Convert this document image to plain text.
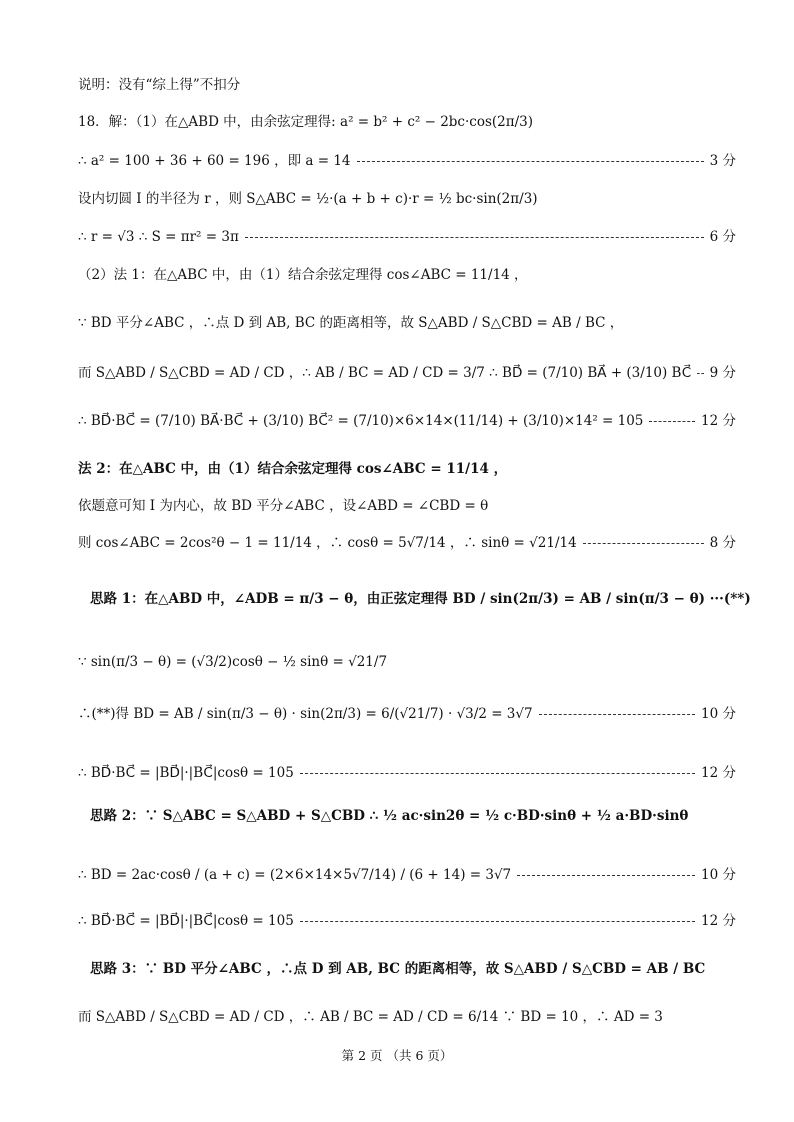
说明：没有“综上得”不扣分
18．解：（1）在△ABD 中，由余弦定理得: a² = b² + c² − 2bc·cos(2π/3)
∴ a² = 100 + 36 + 60 = 196 ，即 a = 14	3 分
设内切圆 I 的半径为 r ，则 S△ABC = ½·(a + b + c)·r = ½ bc·sin(2π/3)
∴ r = √3 ∴ S = πr² = 3π	6 分
（2）法 1：在△ABC 中，由（1）结合余弦定理得 cos∠ABC = 11/14 ，
∵ BD 平分∠ABC ，∴点 D 到 AB, BC 的距离相等，故 S△ABD / S△CBD = AB / BC ，
而 S△ABD / S△CBD = AD / CD ，∴ AB / BC = AD / CD = 3/7 ∴ BD⃗ = (7/10) BA⃗ + (3/10) BC⃗ 9 分
∴ BD⃗·BC⃗ = (7/10) BA⃗·BC⃗ + (3/10) BC⃗² = (7/10)×6×14×(11/14) + (3/10)×14² = 105	12 分
法 2：在△ABC 中，由（1）结合余弦定理得 cos∠ABC = 11/14 ，
依题意可知 I 为内心，故 BD 平分∠ABC ，设∠ABD = ∠CBD = θ
则 cos∠ABC = 2cos²θ − 1 = 11/14 ，∴ cosθ = 5√7/14 ，∴ sinθ = √21/14	8 分
思路 1：在△ABD 中，∠ADB = π/3 − θ，由正弦定理得 BD / sin(2π/3) = AB / sin(π/3 − θ) ···(**)
∵ sin(π/3 − θ) = (√3/2)cosθ − ½ sinθ = √21/7
∴(**)得 BD = AB / sin(π/3 − θ) · sin(2π/3) = 6/(√21/7) · √3/2 = 3√7	10 分
∴ BD⃗·BC⃗ = |BD⃗|·|BC⃗|cosθ = 105	12 分
思路 2：∵ S△ABC = S△ABD + S△CBD ∴ ½ ac·sin2θ = ½ c·BD·sinθ + ½ a·BD·sinθ
∴ BD = 2ac·cosθ / (a + c) = (2×6×14×5√7/14) / (6 + 14) = 3√7	10 分
∴ BD⃗·BC⃗ = |BD⃗|·|BC⃗|cosθ = 105	12 分
思路 3：∵ BD 平分∠ABC ，∴点 D 到 AB, BC 的距离相等，故 S△ABD / S△CBD = AB / BC
而 S△ABD / S△CBD = AD / CD ，∴ AB / BC = AD / CD = 6/14 ∵ BD = 10 ，∴ AD = 3
第 2 页 （共 6 页）
